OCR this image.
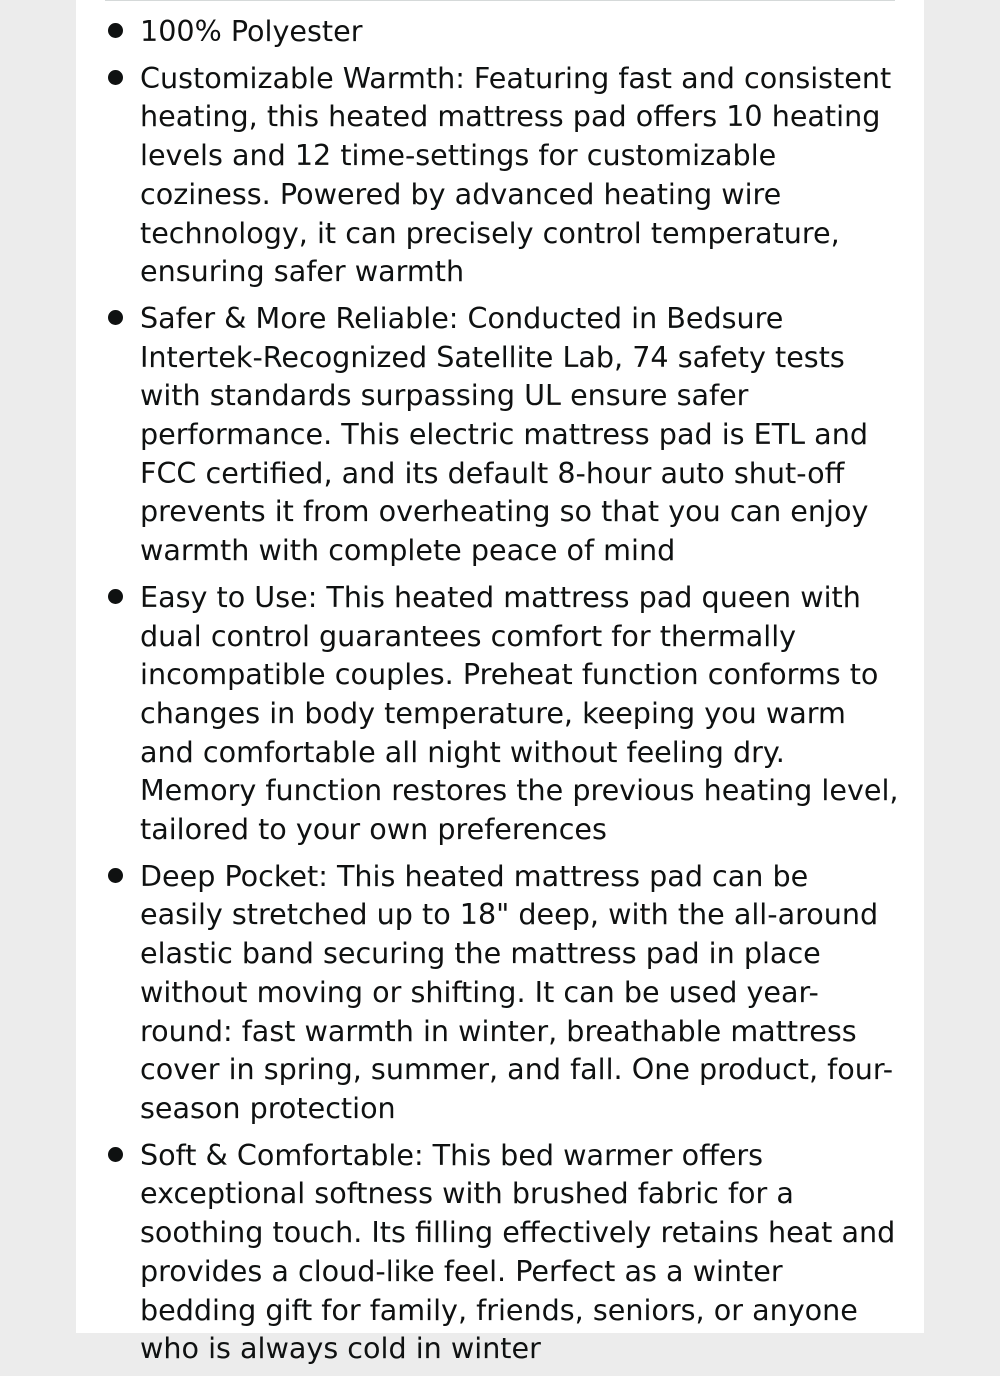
100% Polyester
Customizable Warmth: Featuring fast and consistent heating, this heated mattress pad offers 10 heating levels and 12 time-settings for customizable coziness. Powered by advanced heating wire technology, it can precisely control temperature, ensuring safer warmth
Safer & More Reliable: Conducted in Bedsure Intertek-Recognized Satellite Lab, 74 safety tests with standards surpassing UL ensure safer performance. This electric mattress pad is ETL and FCC certified, and its default 8-hour auto shut-off prevents it from overheating so that you can enjoy warmth with complete peace of mind
Easy to Use: This heated mattress pad queen with dual control guarantees comfort for thermally incompatible couples. Preheat function conforms to changes in body temperature, keeping you warm and comfortable all night without feeling dry. Memory function restores the previous heating level, tailored to your own preferences
Deep Pocket: This heated mattress pad can be easily stretched up to 18" deep, with the all-around elastic band securing the mattress pad in place without moving or shifting. It can be used year-round: fast warmth in winter, breathable mattress cover in spring, summer, and fall. One product, four-season protection
Soft & Comfortable: This bed warmer offers exceptional softness with brushed fabric for a soothing touch. Its filling effectively retains heat and provides a cloud-like feel. Perfect as a winter bedding gift for family, friends, seniors, or anyone who is always cold in winter
